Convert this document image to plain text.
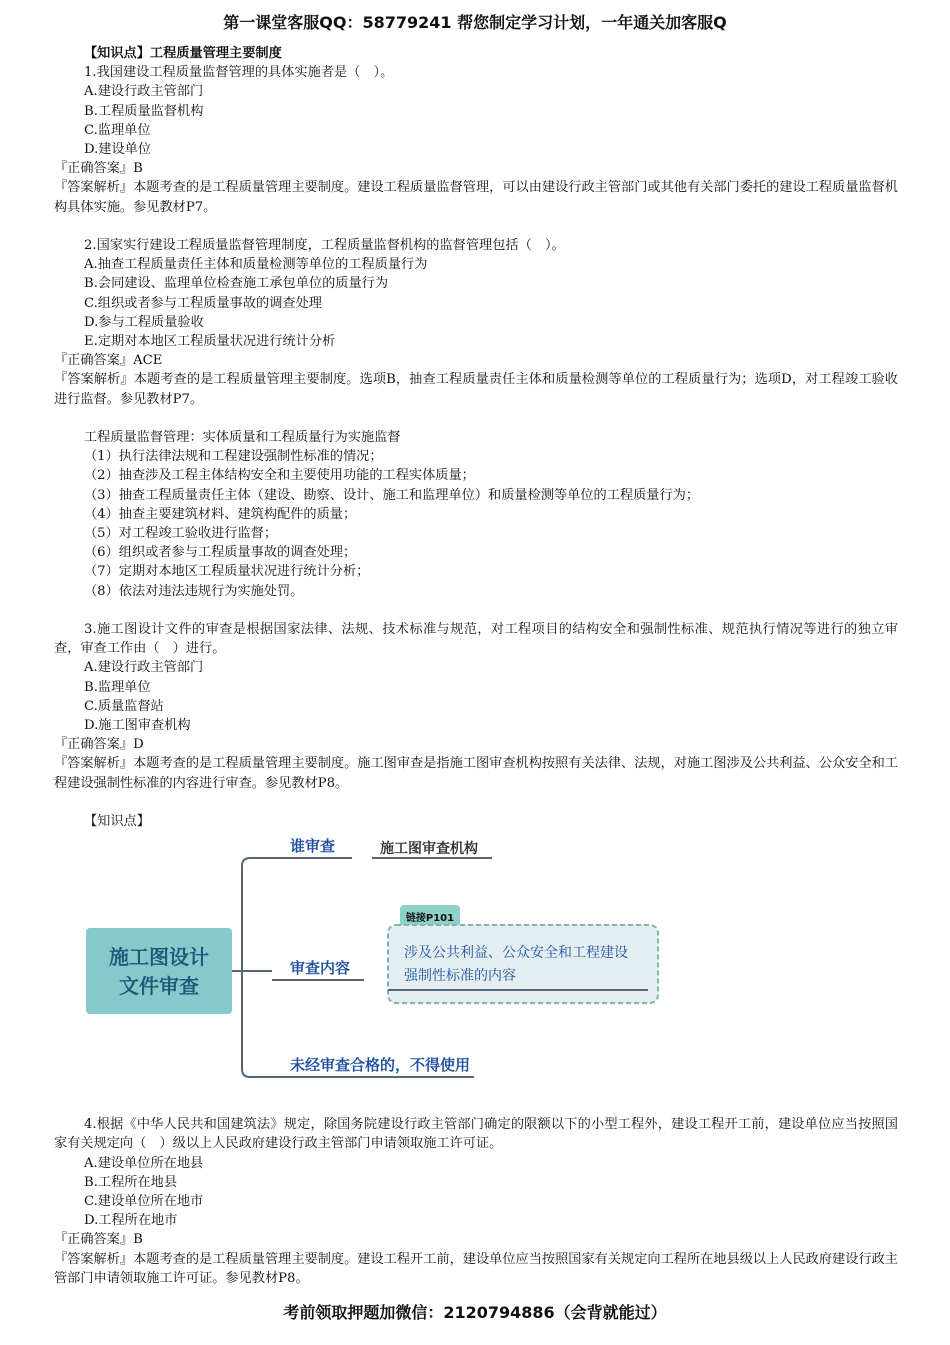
第一课堂客服QQ：58779241 帮您制定学习计划，一年通关加客服Q
【知识点】工程质量管理主要制度
1.我国建设工程质量监督管理的具体实施者是（　）。
A.建设行政主管部门
B.工程质量监督机构
C.监理单位
D.建设单位
『正确答案』B
『答案解析』本题考查的是工程质量管理主要制度。建设工程质量监督管理，可以由建设行政主管部门或其他有关部门委托的建设工程质量监督机构具体实施。参见教材P7。
2.国家实行建设工程质量监督管理制度，工程质量监督机构的监督管理包括（　）。
A.抽查工程质量责任主体和质量检测等单位的工程质量行为
B.会同建设、监理单位检查施工承包单位的质量行为
C.组织或者参与工程质量事故的调查处理
D.参与工程质量验收
E.定期对本地区工程质量状况进行统计分析
『正确答案』ACE
『答案解析』本题考查的是工程质量管理主要制度。选项B，抽查工程质量责任主体和质量检测等单位的工程质量行为；选项D，对工程竣工验收进行监督。参见教材P7。
工程质量监督管理：实体质量和工程质量行为实施监督
（1）执行法律法规和工程建设强制性标准的情况；
（2）抽查涉及工程主体结构安全和主要使用功能的工程实体质量；
（3）抽查工程质量责任主体（建设、勘察、设计、施工和监理单位）和质量检测等单位的工程质量行为；
（4）抽查主要建筑材料、建筑构配件的质量；
（5）对工程竣工验收进行监督；
（6）组织或者参与工程质量事故的调查处理；
（7）定期对本地区工程质量状况进行统计分析；
（8）依法对违法违规行为实施处罚。
3.施工图设计文件的审查是根据国家法律、法规、技术标准与规范，对工程项目的结构安全和强制性标准、规范执行情况等进行的独立审查，审查工作由（　）进行。
A.建设行政主管部门
B.监理单位
C.质量监督站
D.施工图审查机构
『正确答案』D
『答案解析』本题考查的是工程质量管理主要制度。施工图审查是指施工图审查机构按照有关法律、法规，对施工图涉及公共利益、公众安全和工程建设强制性标准的内容进行审查。参见教材P8。
【知识点】
施工图设计
文件审查
谁审查	施工图审查机构
审查内容
链接P101
涉及公共利益、公众安全和工程建设
强制性标准的内容
未经审查合格的，不得使用
4.根据《中华人民共和国建筑法》规定，除国务院建设行政主管部门确定的限额以下的小型工程外，建设工程开工前，建设单位应当按照国家有关规定向（　）级以上人民政府建设行政主管部门申请领取施工许可证。
A.建设单位所在地县
B.工程所在地县
C.建设单位所在地市
D.工程所在地市
『正确答案』B
『答案解析』本题考查的是工程质量管理主要制度。建设工程开工前，建设单位应当按照国家有关规定向工程所在地县级以上人民政府建设行政主管部门申请领取施工许可证。参见教材P8。
考前领取押题加微信：2120794886（会背就能过）
